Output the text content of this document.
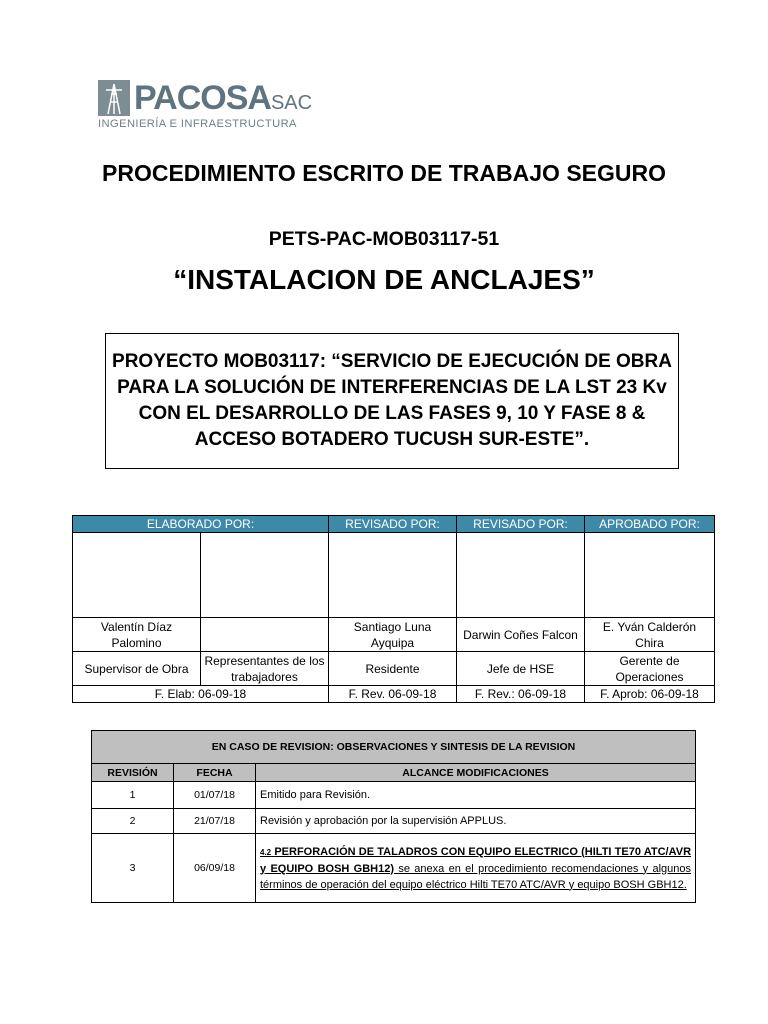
PACOSASAC
INGENIERÍA E INFRAESTRUCTURA
PROCEDIMIENTO ESCRITO DE TRABAJO SEGURO
PETS-PAC-MOB03117-51
“INSTALACION DE ANCLAJES”
PROYECTO MOB03117: “SERVICIO DE EJECUCIÓN DE OBRA PARA LA SOLUCIÓN DE INTERFERENCIAS DE LA LST 23 Kv CON EL DESARROLLO DE LAS FASES 9, 10 Y FASE 8 & ACCESO BOTADERO TUCUSH SUR-ESTE”.
ELABORADO POR:		REVISADO POR:	REVISADO POR:	APROBADO POR:

Valentín Díaz Palomino		Santiago Luna Ayquipa	Darwin Coñes Falcon	E. Yván Calderón Chira
Supervisor de Obra	Representantes de los trabajadores	Residente	Jefe de HSE	Gerente de Operaciones
F. Elab: 06-09-18		F. Rev. 06-09-18	F. Rev.: 06-09-18	F. Aprob: 06-09-18
EN CASO DE REVISION: OBSERVACIONES Y SINTESIS DE LA REVISION		
REVISIÓN	FECHA	ALCANCE MODIFICACIONES
1	01/07/18	Emitido para Revisión.
2	21/07/18	Revisión y aprobación por la supervisión APPLUS.
3	06/09/18	4.2 PERFORACIÓN DE TALADROS CON EQUIPO ELECTRICO (HILTI TE70 ATC/AVR y EQUIPO BOSH GBH12) se anexa en el procedimiento recomendaciones y algunos términos de operación del equipo eléctrico Hilti TE70 ATC/AVR y equipo BOSH GBH12.
